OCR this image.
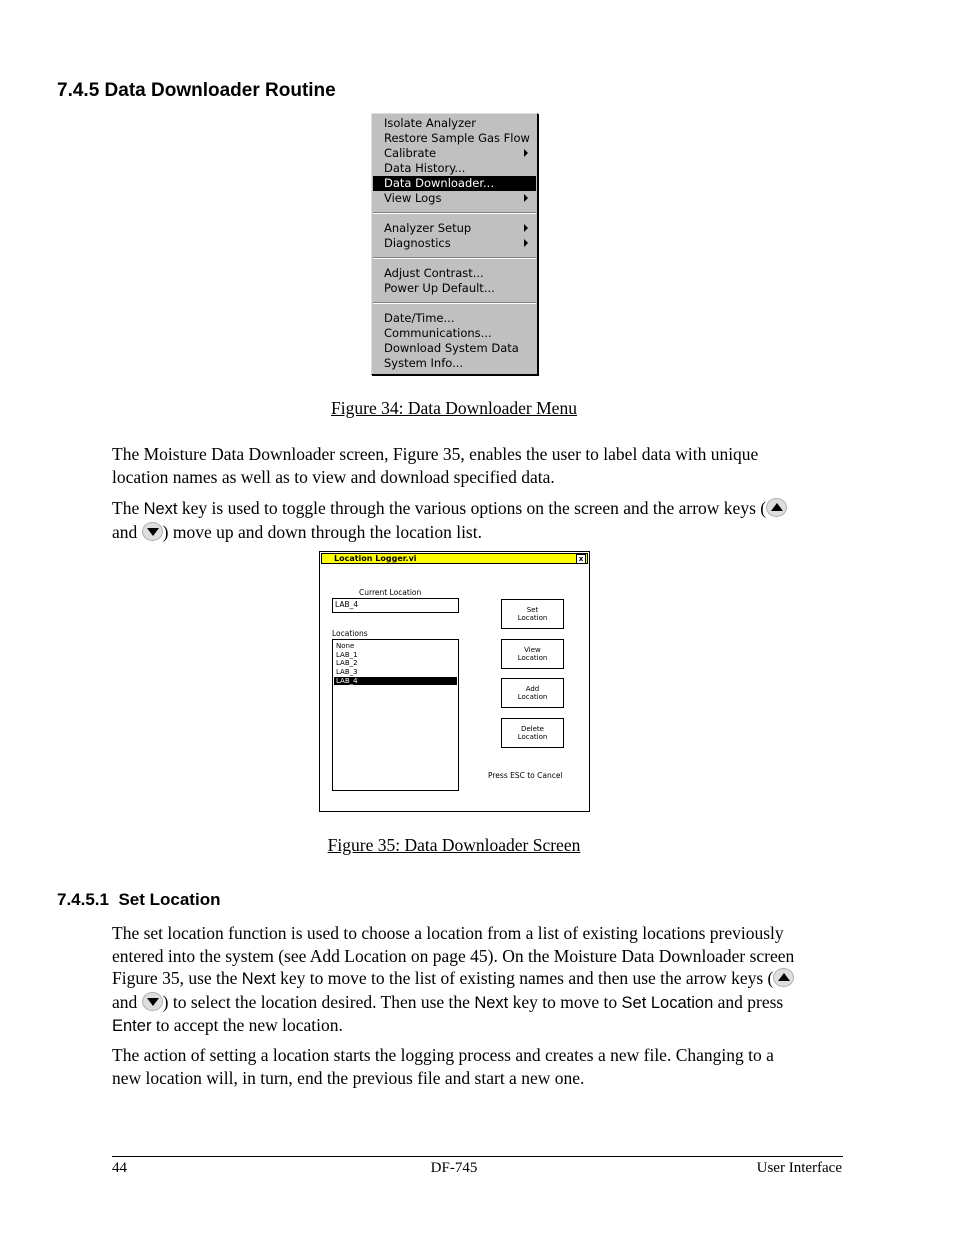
7.4.5 Data Downloader Routine
Isolate Analyzer
Restore Sample Gas Flow
Calibrate
Data History...
Data Downloader...
View Logs
Analyzer Setup
Diagnostics
Adjust Contrast...
Power Up Default...
Date/Time...
Communications...
Download System Data
System Info...
Figure 34: Data Downloader Menu

The Moisture Data Downloader screen, Figure 35, enables the user to label data with unique location names as well as to view and download specified data.

The Next key is used to toggle through the various options on the screen and the arrow keys (
and
) move up and down through the location list.

Location Logger.vi	x
Current Location
LAB_4
Locations
None
LAB_1
LAB_2
LAB_3
LAB_4
Set
Location
View
Location
Add
Location
Delete
Location
Press ESC to Cancel
Figure 35: Data Downloader Screen
7.4.5.1 Set Location

The set location function is used to choose a location from a list of existing locations previously entered into the system (see Add Location on page 45). On the Moisture Data Downloader screen Figure 35, use the Next key to move to the list of existing names and then use the arrow keys (
and
) to select the location desired. Then use the Next key to move to Set Location and press Enter to accept the new location.

The action of setting a location starts the logging process and creates a new file. Changing to a new location will, in turn, end the previous file and start a new one.

44	DF-745	User Interface
